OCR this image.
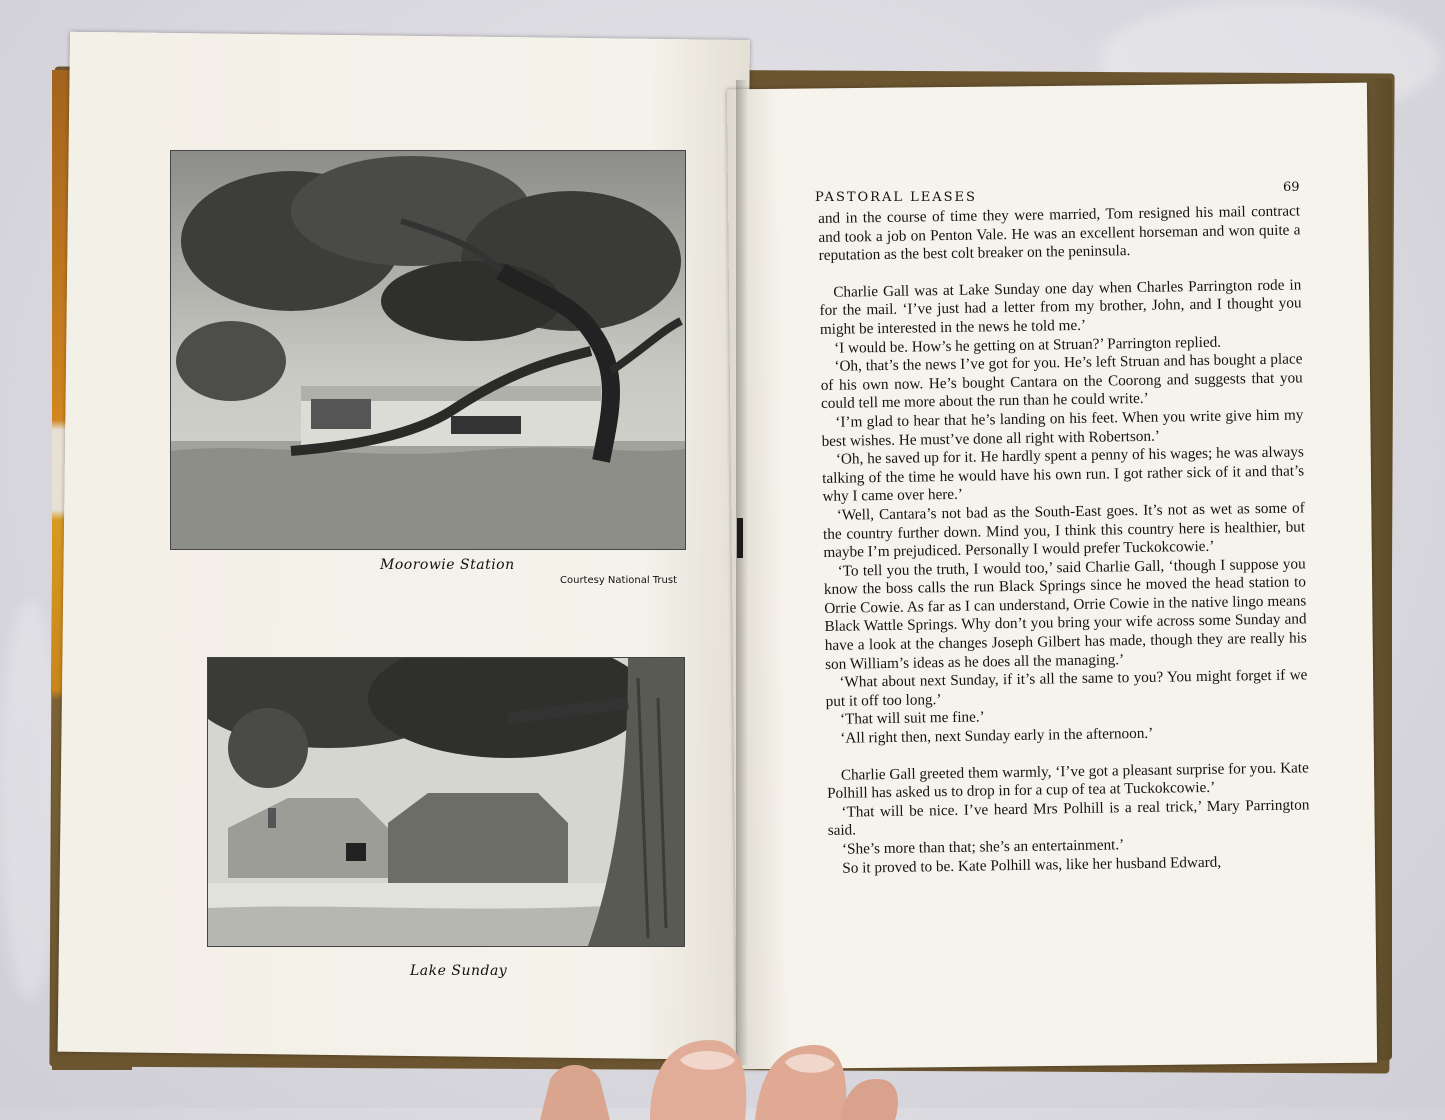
Moorowie Station
Courtesy National Trust
Lake Sunday
PASTORAL LEASES
69

and in the course of time they were married, Tom resigned his mail contract and took a job on Penton Vale. He was an excellent horseman and won quite a reputation as the best colt breaker on the peninsula.

Charlie Gall was at Lake Sunday one day when Charles Parrington rode in for the mail. ‘I’ve just had a letter from my brother, John, and I thought you might be interested in the news he told me.’

‘I would be. How’s he getting on at Struan?’ Parrington replied.

‘Oh, that’s the news I’ve got for you. He’s left Struan and has bought a place of his own now. He’s bought Cantara on the Coorong and suggests that you could tell me more about the run than he could write.’

‘I’m glad to hear that he’s landing on his feet. When you write give him my best wishes. He must’ve done all right with Robertson.’

‘Oh, he saved up for it. He hardly spent a penny of his wages; he was always talking of the time he would have his own run. I got rather sick of it and that’s why I came over here.’

‘Well, Cantara’s not bad as the South-East goes. It’s not as wet as some of the country further down. Mind you, I think this country here is healthier, but maybe I’m prejudiced. Personally I would prefer Tuckokcowie.’

‘To tell you the truth, I would too,’ said Charlie Gall, ‘though I suppose you know the boss calls the run Black Springs since he moved the head station to Orrie Cowie. As far as I can understand, Orrie Cowie in the native lingo means Black Wattle Springs. Why don’t you bring your wife across some Sunday and have a look at the changes Joseph Gilbert has made, though they are really his son William’s ideas as he does all the managing.’

‘What about next Sunday, if it’s all the same to you? You might forget if we put it off too long.’

‘That will suit me fine.’

‘All right then, next Sunday early in the afternoon.’

Charlie Gall greeted them warmly, ‘I’ve got a pleasant surprise for you. Kate Polhill has asked us to drop in for a cup of tea at Tuckokcowie.’

‘That will be nice. I’ve heard Mrs Polhill is a real trick,’ Mary Parrington said.

‘She’s more than that; she’s an entertainment.’

So it proved to be. Kate Polhill was, like her husband Edward,
